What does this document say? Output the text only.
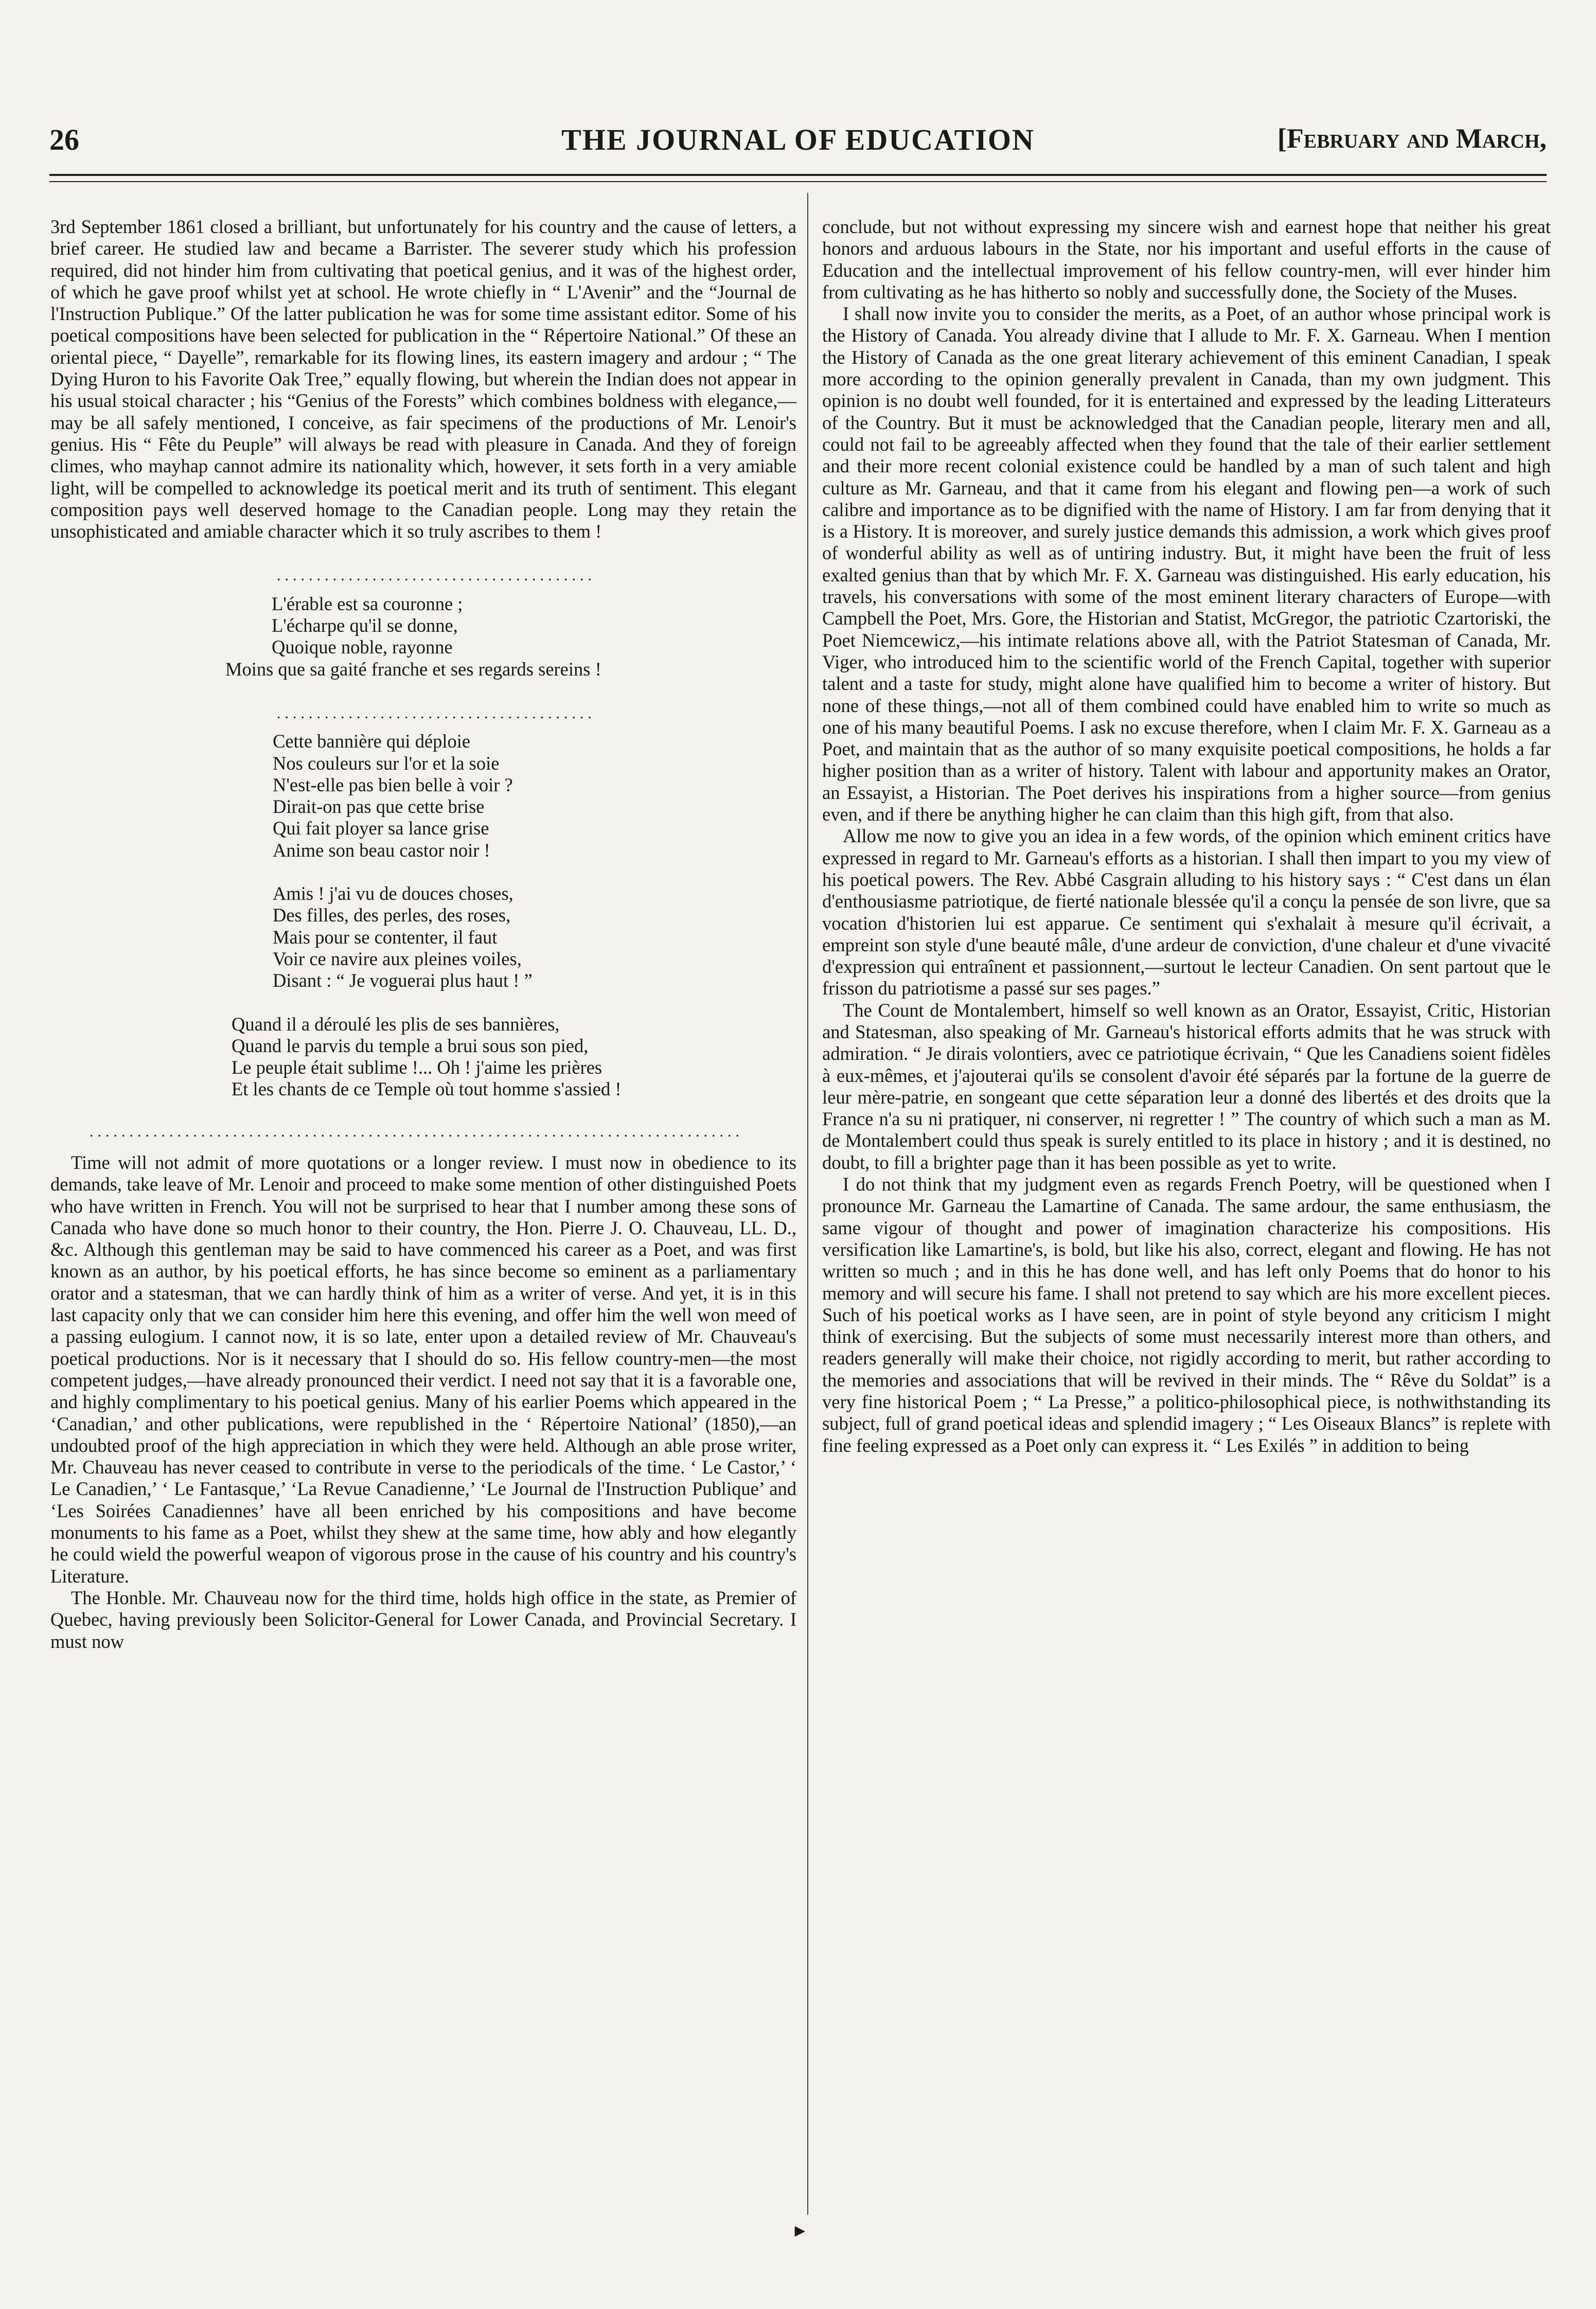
26	THE JOURNAL OF EDUCATION	[February and March,

3rd September 1861 closed a brilliant, but unfortunately for his country and the cause of letters, a brief career. He studied law and became a Barrister. The severer study which his profession required, did not hinder him from cultivating that poetical genius, and it was of the highest order, of which he gave proof whilst yet at school. He wrote chiefly in “ L'Avenir” and the “Journal de l'Instruction Publique.” Of the latter publication he was for some time assistant editor. Some of his poetical compositions have been selected for publication in the “ Répertoire National.” Of these an oriental piece, “ Dayelle”, remarkable for its flowing lines, its eastern imagery and ardour ; “ The Dying Huron to his Favorite Oak Tree,” equally flowing, but wherein the Indian does not appear in his usual stoical character ; his “Genius of the Forests” which combines boldness with elegance,—may be all safely mentioned, I conceive, as fair specimens of the productions of Mr. Lenoir's genius. His “ Fête du Peuple” will always be read with pleasure in Canada. And they of foreign climes, who mayhap cannot admire its nationality which, however, it sets forth in a very amiable light, will be compelled to acknowledge its poetical merit and its truth of sentiment. This elegant composition pays well deserved homage to the Canadian people. Long may they retain the unsophisticated and amiable character which it so truly ascribes to them !

........................................
L'érable est sa couronne ;
L'écharpe qu'il se donne,
Quoique noble, rayonne
Moins que sa gaité franche et ses regards sereins !
........................................
Cette bannière qui déploie
Nos couleurs sur l'or et la soie
N'est-elle pas bien belle à voir ?
Dirait-on pas que cette brise
Qui fait ployer sa lance grise
Anime son beau castor noir !
Amis ! j'ai vu de douces choses,
Des filles, des perles, des roses,
Mais pour se contenter, il faut
Voir ce navire aux pleines voiles,
Disant : “ Je voguerai plus haut ! ”
Quand il a déroulé les plis de ses bannières,
Quand le parvis du temple a brui sous son pied,
Le peuple était sublime !... Oh ! j'aime les prières
Et les chants de ce Temple où tout homme s'assied !
..................................................................................

Time will not admit of more quotations or a longer review. I must now in obedience to its demands, take leave of Mr. Lenoir and proceed to make some mention of other distinguished Poets who have written in French. You will not be surprised to hear that I number among these sons of Canada who have done so much honor to their country, the Hon. Pierre J. O. Chauveau, LL. D., &c. Although this gentleman may be said to have commenced his career as a Poet, and was first known as an author, by his poetical efforts, he has since become so eminent as a parliamentary orator and a statesman, that we can hardly think of him as a writer of verse. And yet, it is in this last capacity only that we can consider him here this evening, and offer him the well won meed of a passing eulogium. I cannot now, it is so late, enter upon a detailed review of Mr. Chauveau's poetical productions. Nor is it necessary that I should do so. His fellow country-men—the most competent judges,—have already pronounced their verdict. I need not say that it is a favorable one, and highly complimentary to his poetical genius. Many of his earlier Poems which appeared in the ‘Canadian,’ and other publications, were republished in the ‘ Répertoire National’ (1850),—an undoubted proof of the high appreciation in which they were held. Although an able prose writer, Mr. Chauveau has never ceased to contribute in verse to the periodicals of the time. ‘ Le Castor,’ ‘ Le Canadien,’ ‘ Le Fantasque,’ ‘La Revue Canadienne,’ ‘Le Journal de l'Instruction Publique’ and ‘Les Soirées Canadiennes’ have all been enriched by his compositions and have become monuments to his fame as a Poet, whilst they shew at the same time, how ably and how elegantly he could wield the powerful weapon of vigorous prose in the cause of his country and his country's Literature.

The Honble. Mr. Chauveau now for the third time, holds high office in the state, as Premier of Quebec, having previously been Solicitor-General for Lower Canada, and Provincial Secretary. I must now

conclude, but not without expressing my sincere wish and earnest hope that neither his great honors and arduous labours in the State, nor his important and useful efforts in the cause of Education and the intellectual improvement of his fellow country-men, will ever hinder him from cultivating as he has hitherto so nobly and successfully done, the Society of the Muses.

I shall now invite you to consider the merits, as a Poet, of an author whose principal work is the History of Canada. You already divine that I allude to Mr. F. X. Garneau. When I mention the History of Canada as the one great literary achievement of this eminent Canadian, I speak more according to the opinion generally prevalent in Canada, than my own judgment. This opinion is no doubt well founded, for it is entertained and expressed by the leading Litterateurs of the Country. But it must be acknowledged that the Canadian people, literary men and all, could not fail to be agreeably affected when they found that the tale of their earlier settlement and their more recent colonial existence could be handled by a man of such talent and high culture as Mr. Garneau, and that it came from his elegant and flowing pen—a work of such calibre and importance as to be dignified with the name of History. I am far from denying that it is a History. It is moreover, and surely justice demands this admission, a work which gives proof of wonderful ability as well as of untiring industry. But, it might have been the fruit of less exalted genius than that by which Mr. F. X. Garneau was distinguished. His early education, his travels, his conversations with some of the most eminent literary characters of Europe—with Campbell the Poet, Mrs. Gore, the Historian and Statist, McGregor, the patriotic Czartoriski, the Poet Niemcewicz,—his intimate relations above all, with the Patriot Statesman of Canada, Mr. Viger, who introduced him to the scientific world of the French Capital, together with superior talent and a taste for study, might alone have qualified him to become a writer of history. But none of these things,—not all of them combined could have enabled him to write so much as one of his many beautiful Poems. I ask no excuse therefore, when I claim Mr. F. X. Garneau as a Poet, and maintain that as the author of so many exquisite poetical compositions, he holds a far higher position than as a writer of history. Talent with labour and apportunity makes an Orator, an Essayist, a Historian. The Poet derives his inspirations from a higher source—from genius even, and if there be anything higher he can claim than this high gift, from that also.

Allow me now to give you an idea in a few words, of the opinion which eminent critics have expressed in regard to Mr. Garneau's efforts as a historian. I shall then impart to you my view of his poetical powers. The Rev. Abbé Casgrain alluding to his history says : “ C'est dans un élan d'enthousiasme patriotique, de fierté nationale blessée qu'il a conçu la pensée de son livre, que sa vocation d'historien lui est apparue. Ce sentiment qui s'exhalait à mesure qu'il écrivait, a empreint son style d'une beauté mâle, d'une ardeur de conviction, d'une chaleur et d'une vivacité d'expression qui entraînent et passionnent,—surtout le lecteur Canadien. On sent partout que le frisson du patriotisme a passé sur ses pages.”

The Count de Montalembert, himself so well known as an Orator, Essayist, Critic, Historian and Statesman, also speaking of Mr. Garneau's historical efforts admits that he was struck with admiration. “ Je dirais volontiers, avec ce patriotique écrivain, “ Que les Canadiens soient fidèles à eux-mêmes, et j'ajouterai qu'ils se consolent d'avoir été séparés par la fortune de la guerre de leur mère-patrie, en songeant que cette séparation leur a donné des libertés et des droits que la France n'a su ni pratiquer, ni conserver, ni regretter ! ” The country of which such a man as M. de Montalembert could thus speak is surely entitled to its place in history ; and it is destined, no doubt, to fill a brighter page than it has been possible as yet to write.

I do not think that my judgment even as regards French Poetry, will be questioned when I pronounce Mr. Garneau the Lamartine of Canada. The same ardour, the same enthusiasm, the same vigour of thought and power of imagination characterize his compositions. His versification like Lamartine's, is bold, but like his also, correct, elegant and flowing. He has not written so much ; and in this he has done well, and has left only Poems that do honor to his memory and will secure his fame. I shall not pretend to say which are his more excellent pieces. Such of his poetical works as I have seen, are in point of style beyond any criticism I might think of exercising. But the subjects of some must necessarily interest more than others, and readers generally will make their choice, not rigidly according to merit, but rather according to the memories and associations that will be revived in their minds. The “ Rêve du Soldat” is a very fine historical Poem ; “ La Presse,” a politico-philosophical piece, is nothwithstanding its subject, full of grand poetical ideas and splendid imagery ; “ Les Oiseaux Blancs” is replete with fine feeling expressed as a Poet only can express it. “ Les Exilés ” in addition to being

►
